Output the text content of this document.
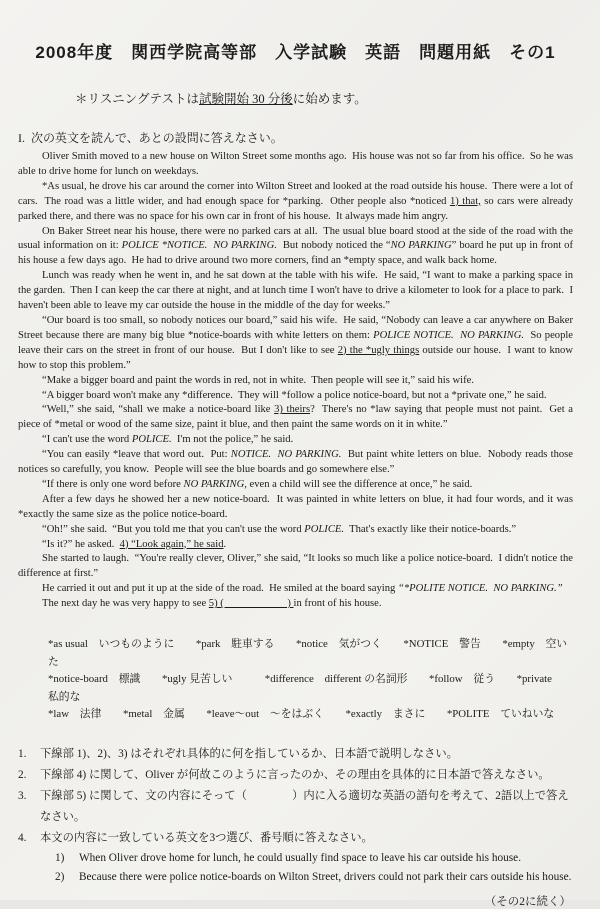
2008年度　関西学院高等部　入学試験　英語　問題用紙　その1

＊リスニングテストは試験開始 30 分後に始めます。

I. 次の英文を読んで、あとの設問に答えなさい。

Oliver Smith moved to a new house on Wilton Street some months ago.  His house was not so far from his office.  So he was able to drive home for lunch on weekdays.

*As usual, he drove his car around the corner into Wilton Street and looked at the road outside his house.  There were a lot of cars.  The road was a little wider, and had enough space for *parking.  Other people also *noticed 1) that, so cars were already parked there, and there was no space for his own car in front of his house.  It always made him angry.

On Baker Street near his house, there were no parked cars at all.  The usual blue board stood at the side of the road with the usual information on it: POLICE *NOTICE.  NO PARKING.  But nobody noticed the “NO PARKING” board he put up in front of his house a few days ago.  He had to drive around two more corners, find an *empty space, and walk back home.

Lunch was ready when he went in, and he sat down at the table with his wife.  He said, “I want to make a parking space in the garden.  Then I can keep the car there at night, and at lunch time I won't have to drive a kilometer to look for a place to park.  I haven't been able to leave my car outside the house in the middle of the day for weeks.”

“Our board is too small, so nobody notices our board,” said his wife.  He said, “Nobody can leave a car anywhere on Baker Street because there are many big blue *notice-boards with white letters on them: POLICE NOTICE.  NO PARKING.  So people leave their cars on the street in front of our house.  But I don't like to see 2) the *ugly things outside our house.  I want to know how to stop this problem.”

“Make a bigger board and paint the words in red, not in white.  Then people will see it,” said his wife.

“A bigger board won't make any *difference.  They will *follow a police notice-board, but not a *private one,” he said.

“Well,” she said, “shall we make a notice-board like 3) theirs?  There's no *law saying that people must not paint.  Get a piece of *metal or wood of the same size, paint it blue, and then paint the same words on it in white.”

“I can't use the word POLICE.  I'm not the police,” he said.

“You can easily *leave that word out.  Put: NOTICE.  NO PARKING.  But paint white letters on blue.  Nobody reads those notices so carefully, you know.  People will see the blue boards and go somewhere else.”

“If there is only one word before NO PARKING, even a child will see the difference at once,” he said.

After a few days he showed her a new notice-board.  It was painted in white letters on blue, it had four words, and it was *exactly the same size as the police notice-board.

“Oh!” she said.  “But you told me that you can't use the word POLICE.  That's exactly like their notice-boards.”

“Is it?” he asked.  4) “Look again,” he said.

She started to laugh.  “You're really clever, Oliver,” she said, “It looks so much like a police notice-board.  I didn't notice the difference at first.”

He carried it out and put it up at the side of the road.  He smiled at the board saying “*POLITE NOTICE.  NO PARKING.”

The next day he was very happy to see 5) (　　　　　　) in front of his house.

*as usual　いつものように　　*park　駐車する　　*notice　気がつく　　*NOTICE　警告　　*empty　空いた

*notice-board　標識　　*ugly 見苦しい　　　*difference　different の名詞形　　*follow　従う　　*private　私的な

*law　法律　　*metal　金属　　*leave～out　～をはぶく　　*exactly　まさに　　*POLITE　ていねいな

1.	下線部 1)、2)、3) はそれぞれ具体的に何を指しているか、日本語で説明しなさい。
2.	下線部 4) に関して、Oliver が何故このように言ったのか、その理由を具体的に日本語で答えなさい。
3.	下線部 5) に関して、文の内容にそって（　　　　）内に入る適切な英語の語句を考えて、2語以上で答えなさい。
4.	本文の内容に一致している英文を3つ選び、番号順に答えなさい。
1)	When Oliver drove home for lunch, he could usually find space to leave his car outside his house.
2)	Because there were police notice-boards on Wilton Street, drivers could not park their cars outside his house.

（その2に続く）
